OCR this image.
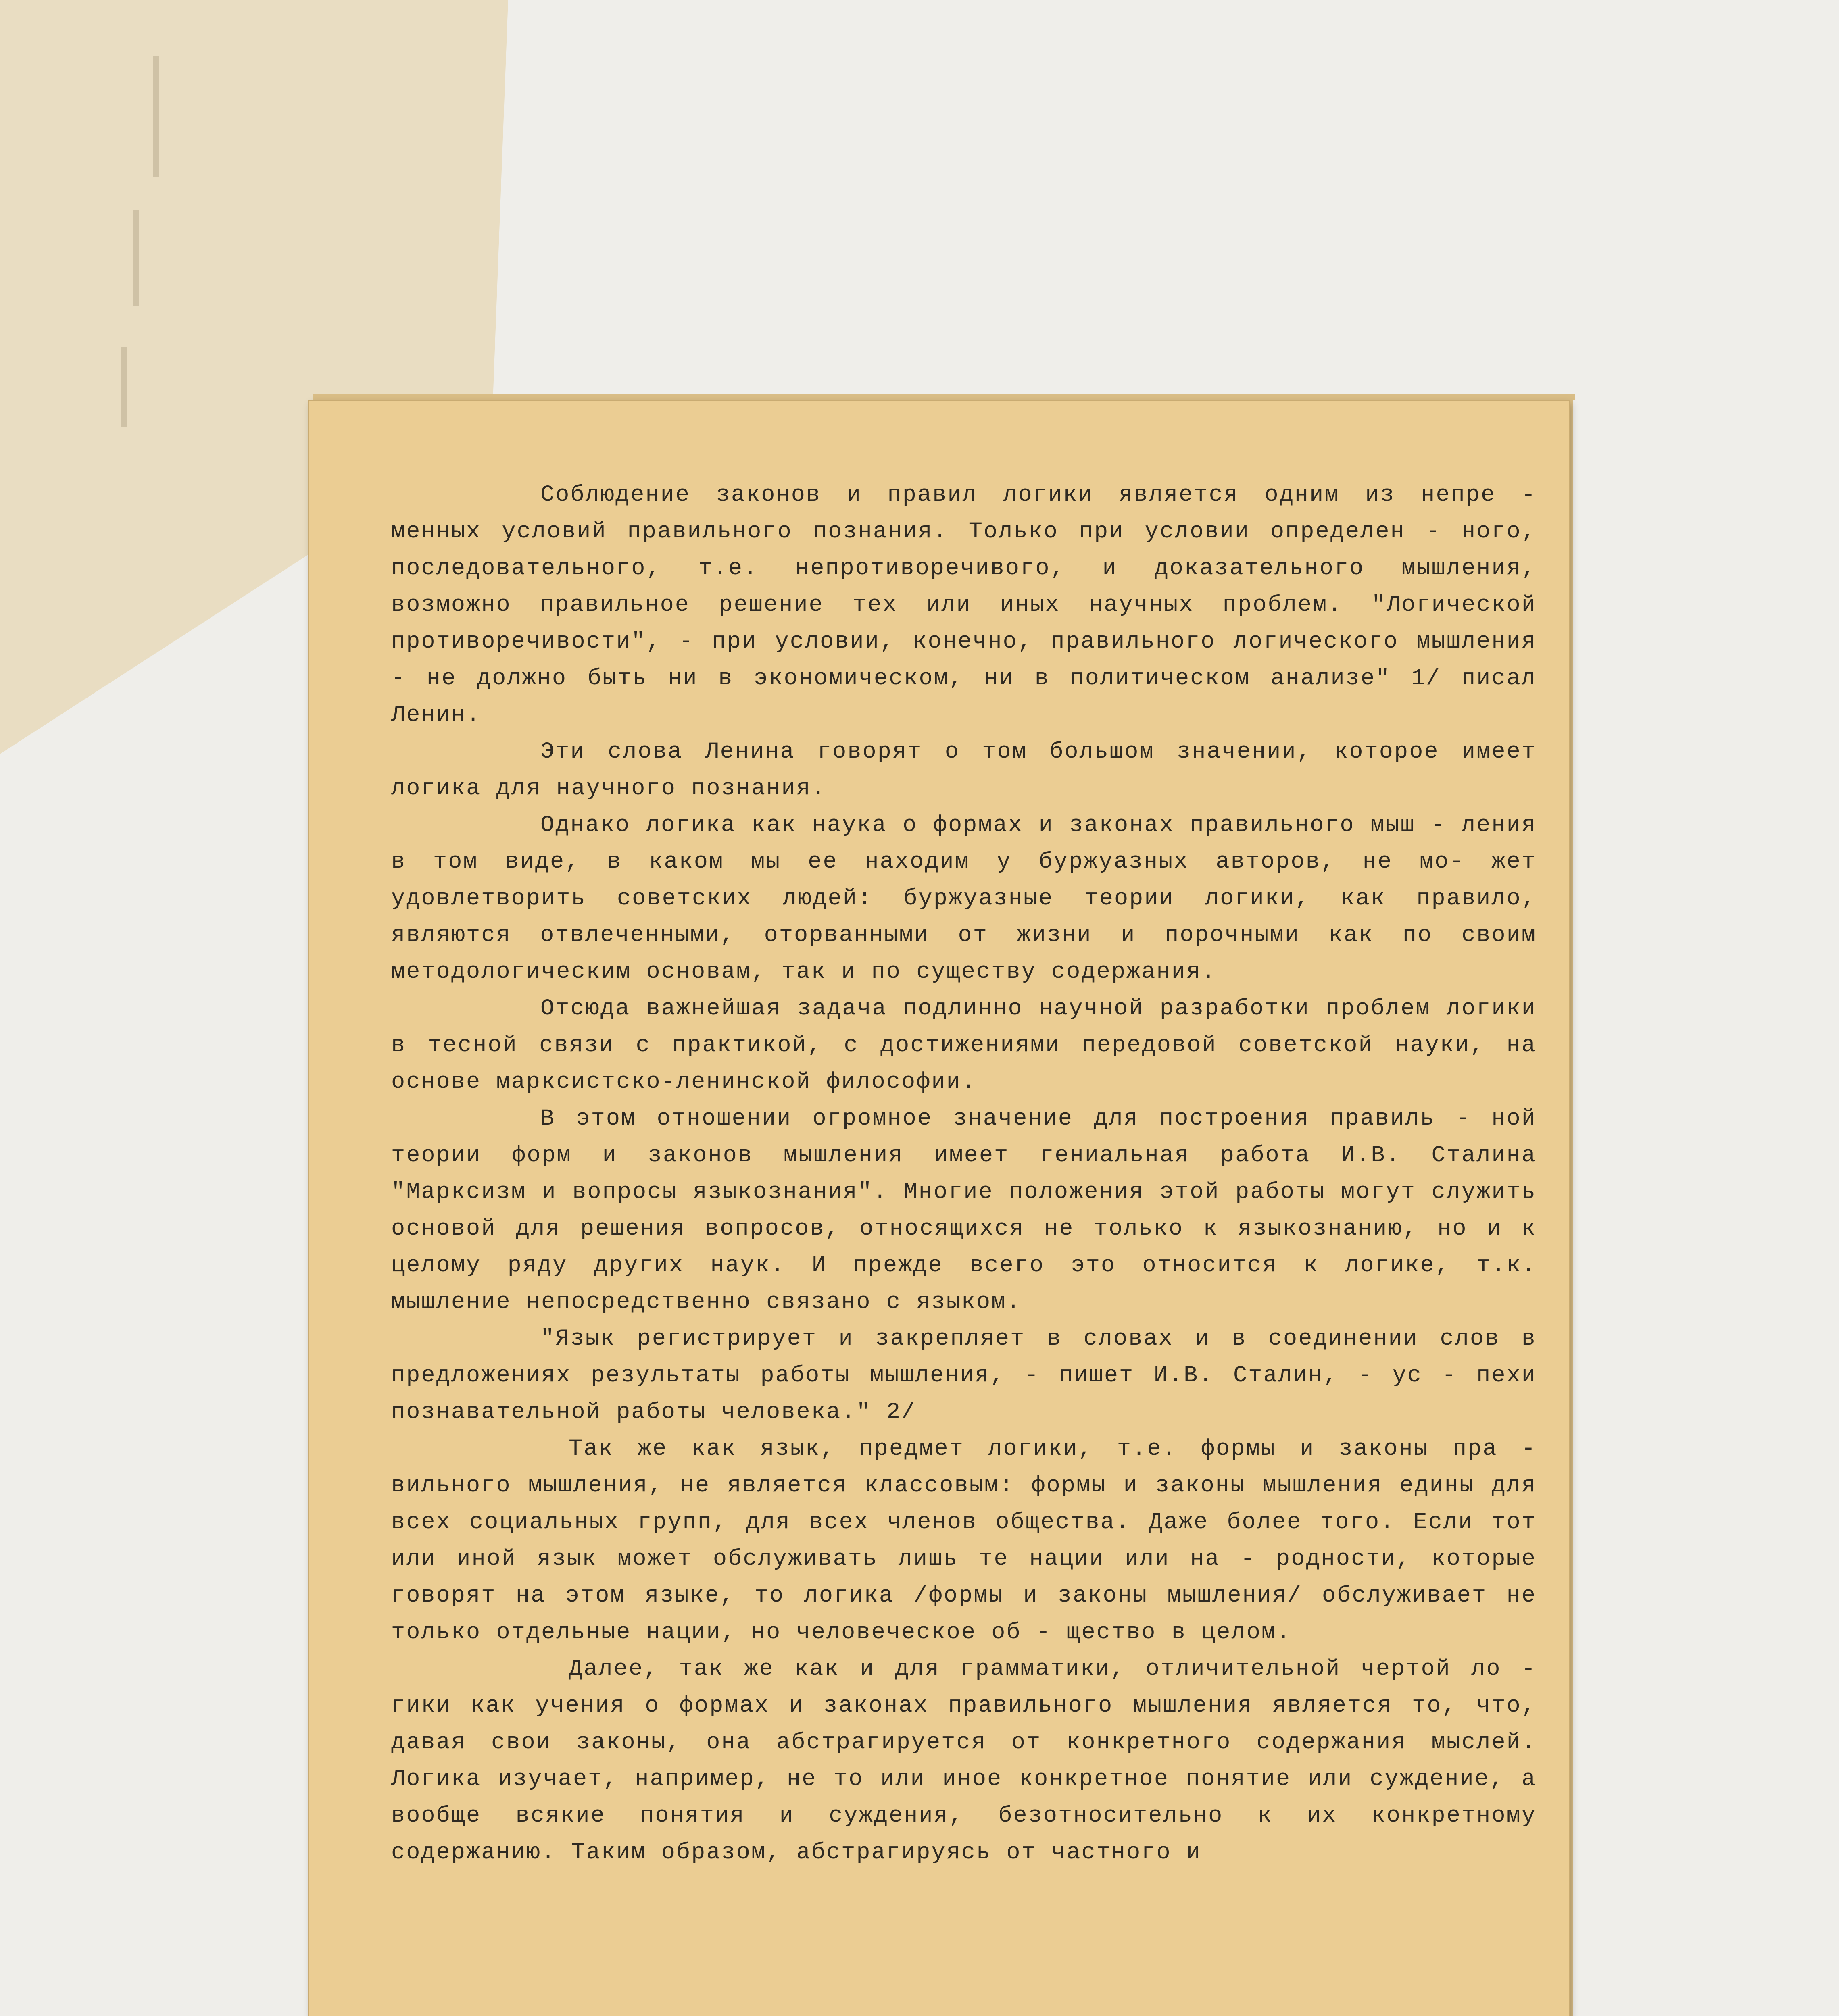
Соблюдение законов и правил логики является одним из непре - менных условий правильного познания. Только при условии определен - ного, последовательного, т.е. непротиворечивого, и доказательного мышления, возможно правильное решение тех или иных научных проблем. "Логической противоречивости", - при условии, конечно, правильного логического мышления - не должно быть ни в экономическом, ни в политическом анализе" 1/ писал Ленин.

Эти слова Ленина говорят о том большом значении, которое имеет логика для научного познания.

Однако логика как наука о формах и законах правильного мыш - ления в том виде, в каком мы ее находим у буржуазных авторов, не мо- жет удовлетворить советских людей: буржуазные теории логики, как правило, являются отвлеченными, оторванными от жизни и порочными как по своим методологическим основам, так и по существу содержания.

Отсюда важнейшая задача подлинно научной разработки проблем логики в тесной связи с практикой, с достижениями передовой советской науки, на основе марксистско-ленинской философии.

В этом отношении огромное значение для построения правиль - ной теории форм и законов мышления имеет гениальная работа И.В. Сталина "Марксизм и вопросы языкознания". Многие положения этой работы могут служить основой для решения вопросов, относящихся не только к языкознанию, но и к целому ряду других наук. И прежде всего это относится к логике, т.к. мышление непосредственно связано с языком.

"Язык регистрирует и закрепляет в словах и в соединении слов в предложениях результаты работы мышления, - пишет И.В. Сталин, - ус - пехи познавательной работы человека." 2/

Так же как язык, предмет логики, т.е. формы и законы пра - вильного мышления, не является классовым: формы и законы мышления едины для всех социальных групп, для всех членов общества. Даже более того. Если тот или иной язык может обслуживать лишь те нации или на - родности, которые говорят на этом языке, то логика /формы и законы мышления/ обслуживает не только отдельные нации, но человеческое об - щество в целом.

Далее, так же как и для грамматики, отличительной чертой ло - гики как учения о формах и законах правильного мышления является то, что, давая свои законы, она абстрагируется от конкретного содержания мыслей. Логика изучает, например, не то или иное конкретное понятие или суждение, а вообще всякие понятия и суждения, безотносительно к их конкретному содержанию. Таким образом, абстрагируясь от частного и
